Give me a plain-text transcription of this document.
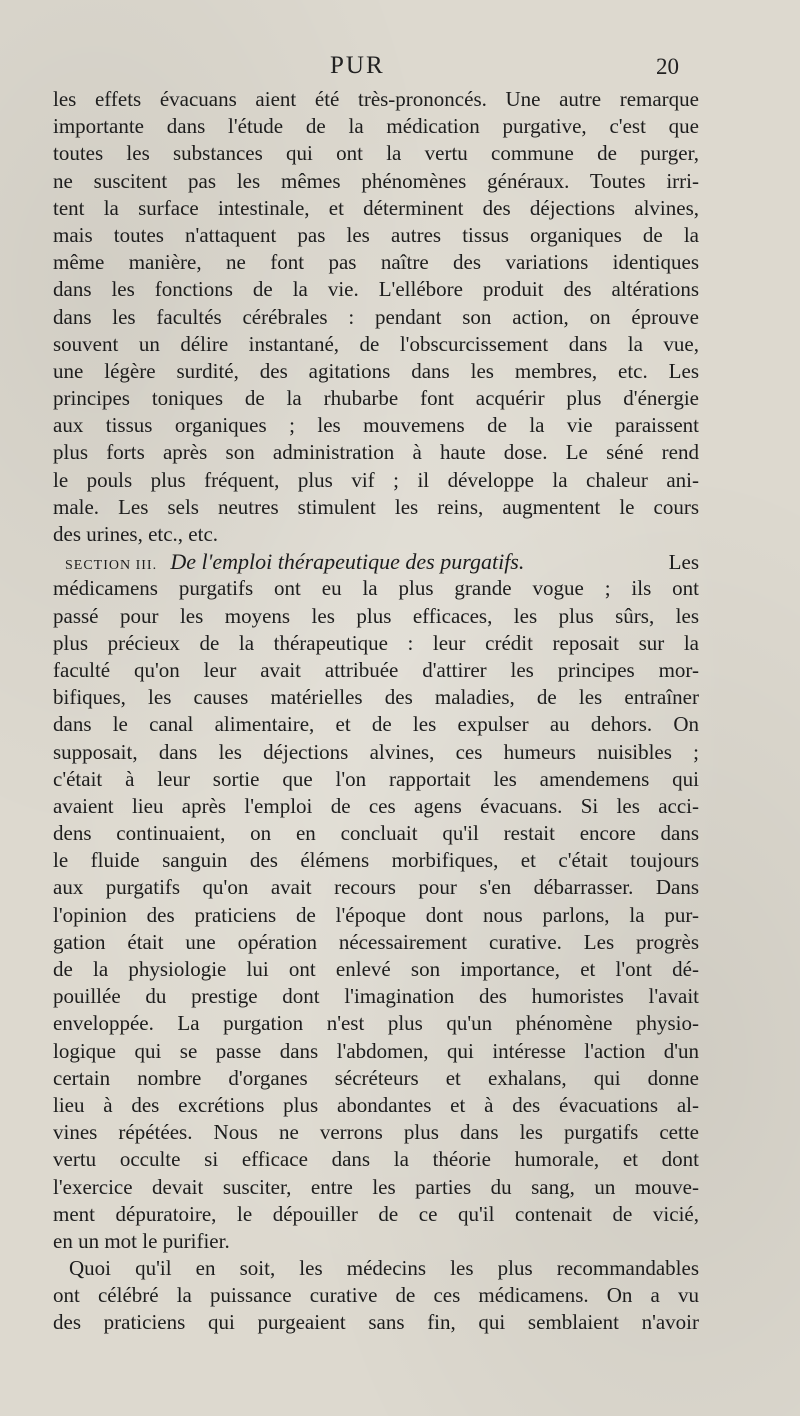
PUR	20
les effets évacuans aient été très-prononcés. Une autre remarque
importante dans l'étude de la médication purgative, c'est que
toutes les substances qui ont la vertu commune de purger,
ne suscitent pas les mêmes phénomènes généraux. Toutes irri-
tent la surface intestinale, et déterminent des déjections alvines,
mais toutes n'attaquent pas les autres tissus organiques de la
même manière, ne font pas naître des variations identiques
dans les fonctions de la vie. L'ellébore produit des altérations
dans les facultés cérébrales : pendant son action, on éprouve
souvent un délire instantané, de l'obscurcissement dans la vue,
une légère surdité, des agitations dans les membres, etc. Les
principes toniques de la rhubarbe font acquérir plus d'énergie
aux tissus organiques ; les mouvemens de la vie paraissent
plus forts après son administration à haute dose. Le séné rend
le pouls plus fréquent, plus vif ; il développe la chaleur ani-
male. Les sels neutres stimulent les reins, augmentent le cours
des urines, etc., etc.
SECTION III. De l'emploi thérapeutique des purgatifs.	Les
médicamens purgatifs ont eu la plus grande vogue ; ils ont
passé pour les moyens les plus efficaces, les plus sûrs, les
plus précieux de la thérapeutique : leur crédit reposait sur la
faculté qu'on leur avait attribuée d'attirer les principes mor-
bifiques, les causes matérielles des maladies, de les entraîner
dans le canal alimentaire, et de les expulser au dehors. On
supposait, dans les déjections alvines, ces humeurs nuisibles ;
c'était à leur sortie que l'on rapportait les amendemens qui
avaient lieu après l'emploi de ces agens évacuans. Si les acci-
dens continuaient, on en concluait qu'il restait encore dans
le fluide sanguin des élémens morbifiques, et c'était toujours
aux purgatifs qu'on avait recours pour s'en débarrasser. Dans
l'opinion des praticiens de l'époque dont nous parlons, la pur-
gation était une opération nécessairement curative. Les progrès
de la physiologie lui ont enlevé son importance, et l'ont dé-
pouillée du prestige dont l'imagination des humoristes l'avait
enveloppée. La purgation n'est plus qu'un phénomène physio-
logique qui se passe dans l'abdomen, qui intéresse l'action d'un
certain nombre d'organes sécréteurs et exhalans, qui donne
lieu à des excrétions plus abondantes et à des évacuations al-
vines répétées. Nous ne verrons plus dans les purgatifs cette
vertu occulte si efficace dans la théorie humorale, et dont
l'exercice devait susciter, entre les parties du sang, un mouve-
ment dépuratoire, le dépouiller de ce qu'il contenait de vicié,
en un mot le purifier.
Quoi qu'il en soit, les médecins les plus recommandables
ont célébré la puissance curative de ces médicamens. On a vu
des praticiens qui purgeaient sans fin, qui semblaient n'avoir
